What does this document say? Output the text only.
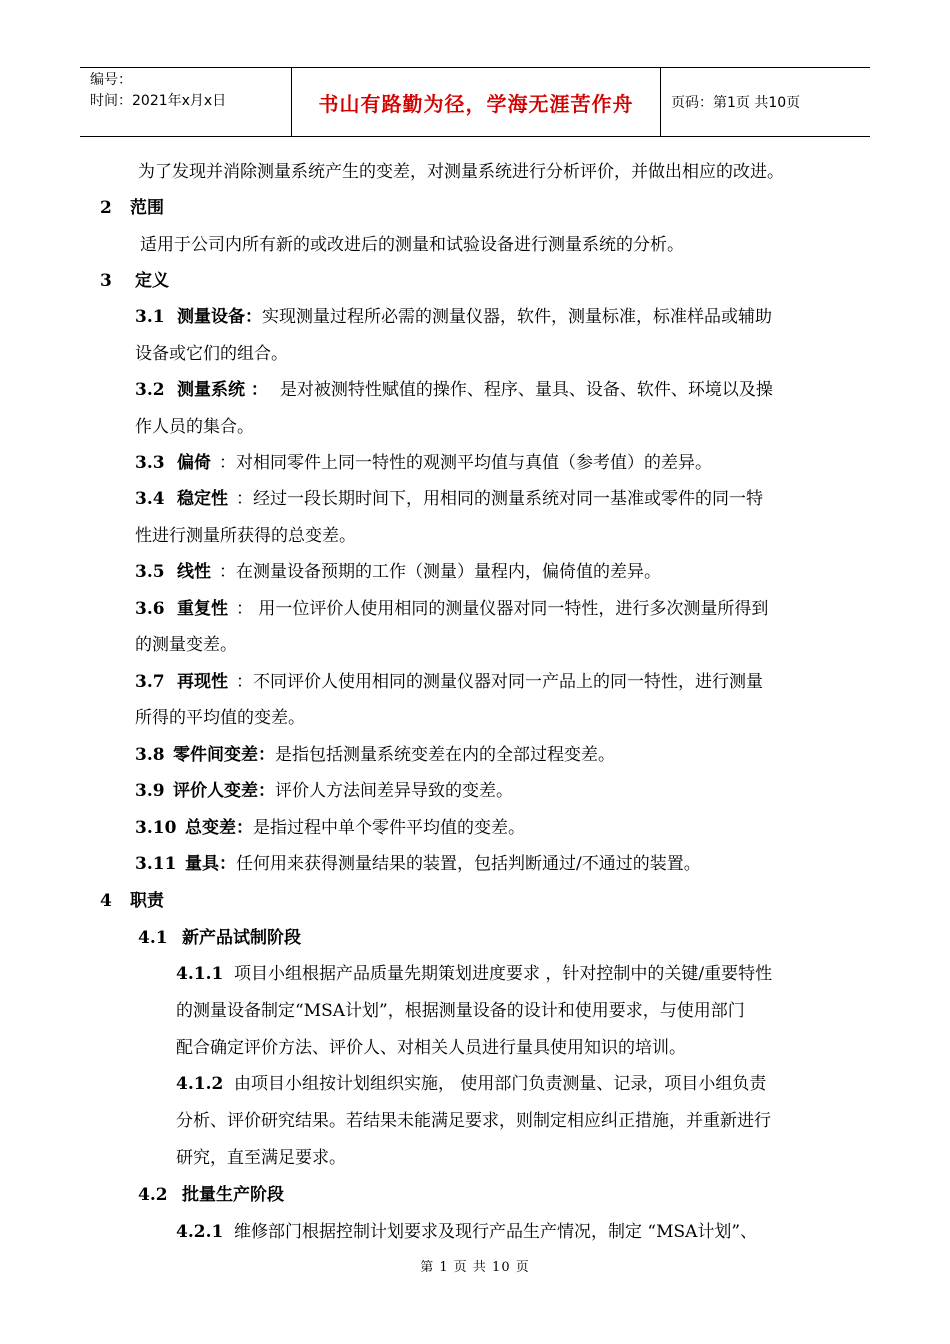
编号：
时间：2021年x月x日	书山有路勤为径，学海无涯苦作舟	页码：第1页 共10页
为了发现并消除测量系统产生的变差，对测量系统进行分析评价，并做出相应的改进。
2 范围
适用于公司内所有新的或改进后的测量和试验设备进行测量系统的分析。
3 定义
3.1 测量设备：实现测量过程所必需的测量仪器，软件，测量标准，标准样品或辅助
设备或它们的组合。
3.2 测量系统 ： 是对被测特性赋值的操作、程序、量具、设备、软件、环境以及操
作人员的集合。
3.3 偏倚 ：对相同零件上同一特性的观测平均值与真值（参考值）的差异。
3.4 稳定性 ：经过一段长期时间下，用相同的测量系统对同一基准或零件的同一特
性进行测量所获得的总变差。
3.5 线性 ：在测量设备预期的工作（测量）量程内，偏倚值的差异。
3.6 重复性 ： 用一位评价人使用相同的测量仪器对同一特性，进行多次测量所得到
的测量变差。
3.7 再现性 ：不同评价人使用相同的测量仪器对同一产品上的同一特性，进行测量
所得的平均值的变差。
3.8 零件间变差：是指包括测量系统变差在内的全部过程变差。
3.9 评价人变差：评价人方法间差异导致的变差。
3.10 总变差：是指过程中单个零件平均值的变差。
3.11 量具：任何用来获得测量结果的装置，包括判断通过/不通过的装置。
4 职责
4.1 新产品试制阶段
4.1.1 项目小组根据产品质量先期策划进度要求 ，针对控制中的关键/重要特性
的测量设备制定“MSA计划”，根据测量设备的设计和使用要求，与使用部门
配合确定评价方法、评价人、对相关人员进行量具使用知识的培训。
4.1.2 由项目小组按计划组织实施， 使用部门负责测量、记录，项目小组负责
分析、评价研究结果。若结果未能满足要求，则制定相应纠正措施，并重新进行
研究，直至满足要求。
4.2 批量生产阶段
4.2.1 维修部门根据控制计划要求及现行产品生产情况，制定 “MSA计划”、
第 1 页 共 10 页
